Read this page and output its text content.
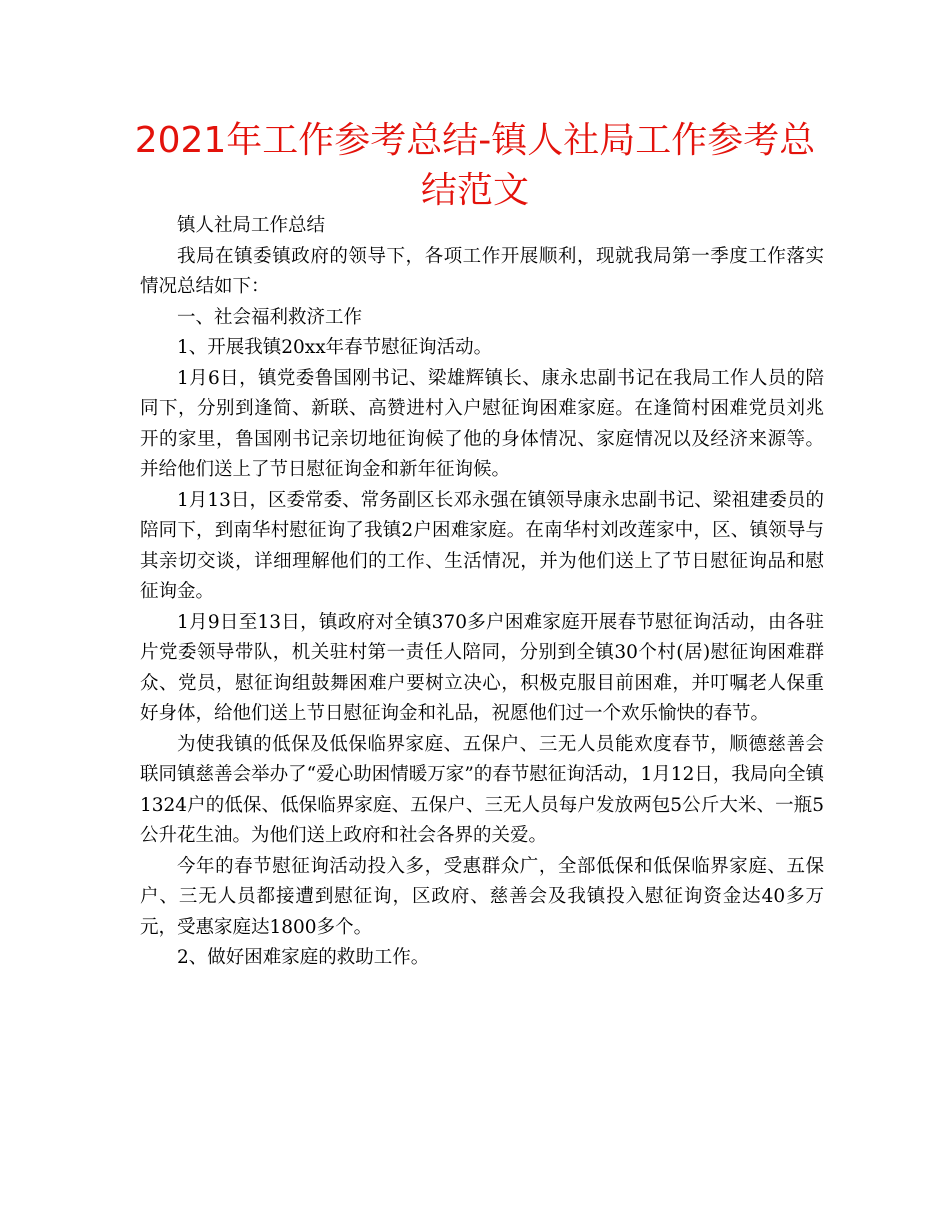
2021年工作参考总结-镇人社局工作参考总结范文

镇人社局工作总结

我局在镇委镇政府的领导下，各项工作开展顺利，现就我局第一季度工作落实情况总结如下：

一、社会福利救济工作

1、开展我镇20xx年春节慰征询活动。

1月6日，镇党委鲁国刚书记、梁雄辉镇长、康永忠副书记在我局工作人员的陪同下，分别到逢简、新联、高赞进村入户慰征询困难家庭。在逢简村困难党员刘兆开的家里，鲁国刚书记亲切地征询候了他的身体情况、家庭情况以及经济来源等。并给他们送上了节日慰征询金和新年征询候。

1月13日，区委常委、常务副区长邓永强在镇领导康永忠副书记、梁祖建委员的陪同下，到南华村慰征询了我镇2户困难家庭。在南华村刘改莲家中，区、镇领导与其亲切交谈，详细理解他们的工作、生活情况，并为他们送上了节日慰征询品和慰征询金。

1月9日至13日，镇政府对全镇370多户困难家庭开展春节慰征询活动，由各驻片党委领导带队，机关驻村第一责任人陪同，分别到全镇30个村(居)慰征询困难群众、党员，慰征询组鼓舞困难户要树立决心，积极克服目前困难，并叮嘱老人保重好身体，给他们送上节日慰征询金和礼品，祝愿他们过一个欢乐愉快的春节。

为使我镇的低保及低保临界家庭、五保户、三无人员能欢度春节，顺德慈善会联同镇慈善会举办了“爱心助困情暖万家”的春节慰征询活动，1月12日，我局向全镇1324户的低保、低保临界家庭、五保户、三无人员每户发放两包5公斤大米、一瓶5公升花生油。为他们送上政府和社会各界的关爱。

今年的春节慰征询活动投入多，受惠群众广，全部低保和低保临界家庭、五保户、三无人员都接遭到慰征询，区政府、慈善会及我镇投入慰征询资金达40多万元，受惠家庭达1800多个。

2、做好困难家庭的救助工作。
